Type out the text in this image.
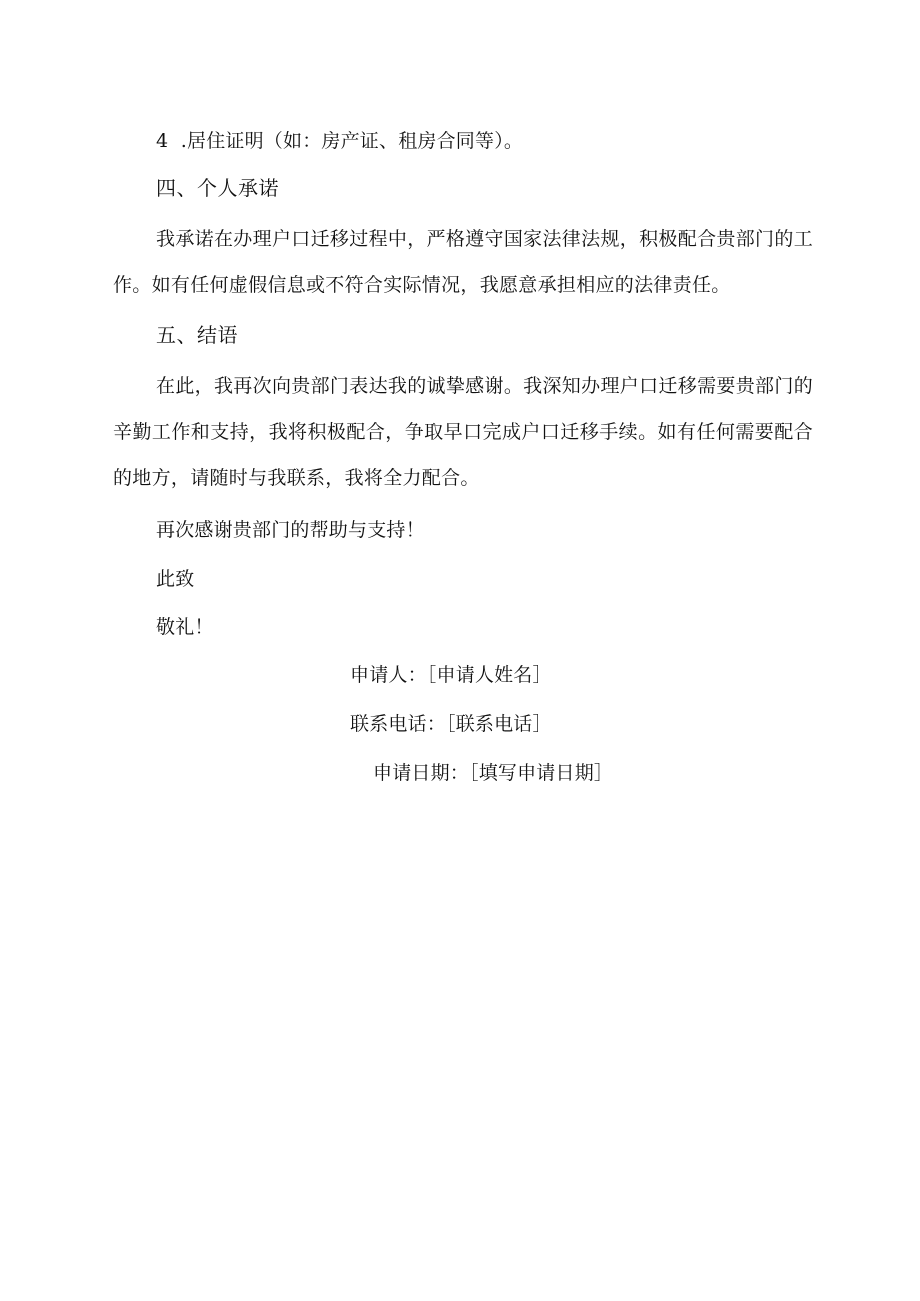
4  .居住证明（如：房产证、租房合同等）。
四、个人承诺
我承诺在办理户口迁移过程中，严格遵守国家法律法规，积极配合贵部门的工作。如有任何虚假信息或不符合实际情况，我愿意承担相应的法律责任。
五、结语
在此，我再次向贵部门表达我的诚挚感谢。我深知办理户口迁移需要贵部门的辛勤工作和支持，我将积极配合，争取早口完成户口迁移手续。如有任何需要配合的地方，请随时与我联系，我将全力配合。
再次感谢贵部门的帮助与支持！
此致
敬礼！
申请人：［申请人姓名］
联系电话：［联系电话］
申请日期：［填写申请日期］
